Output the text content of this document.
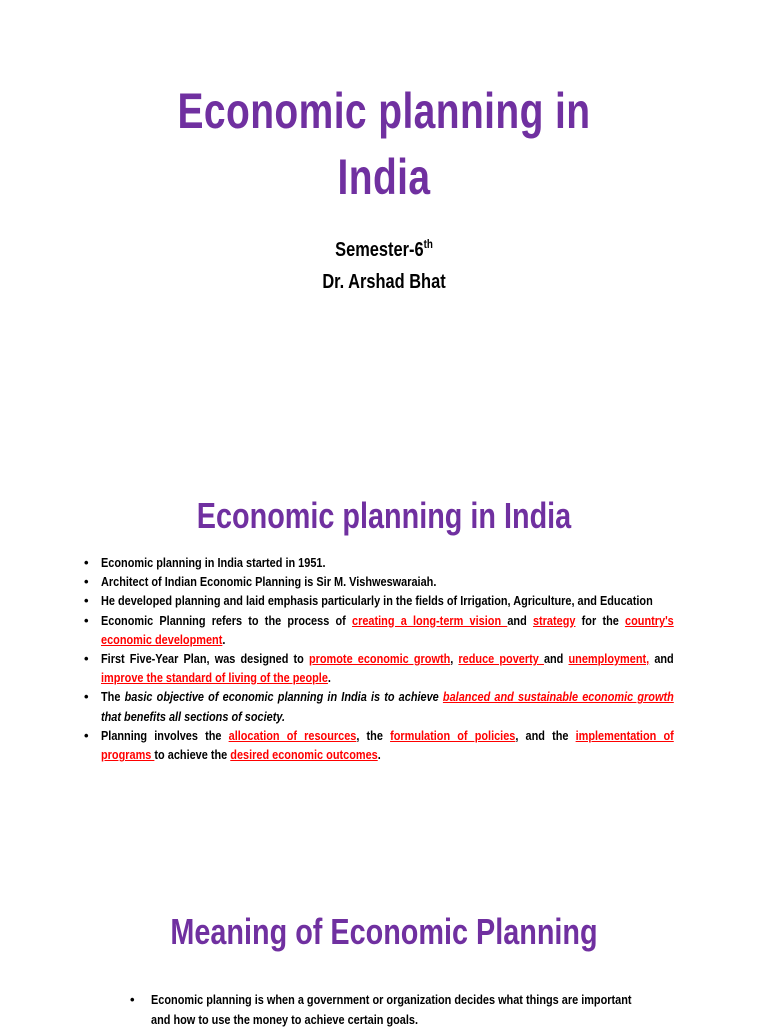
Economic planning in
India
Semester-6th
Dr. Arshad Bhat
Economic planning in India
• Economic planning in India started in 1951.
• Architect of Indian Economic Planning is Sir M. Vishweswaraiah.
• He developed planning and laid emphasis particularly in the fields of Irrigation, Agriculture, and Education
• Economic Planning refers to the process of creating a long-term vision and strategy for the country's economic development.
• First Five-Year Plan, was designed to promote economic growth, reduce poverty and unemployment, and improve the standard of living of the people.
• The basic objective of economic planning in India is to achieve balanced and sustainable economic growth that benefits all sections of society.
• Planning involves the allocation of resources, the formulation of policies, and the implementation of programs to achieve the desired economic outcomes.
Meaning of Economic Planning
• Economic planning is when a government or organization decides what things are important and how to use the money to achieve certain goals.
